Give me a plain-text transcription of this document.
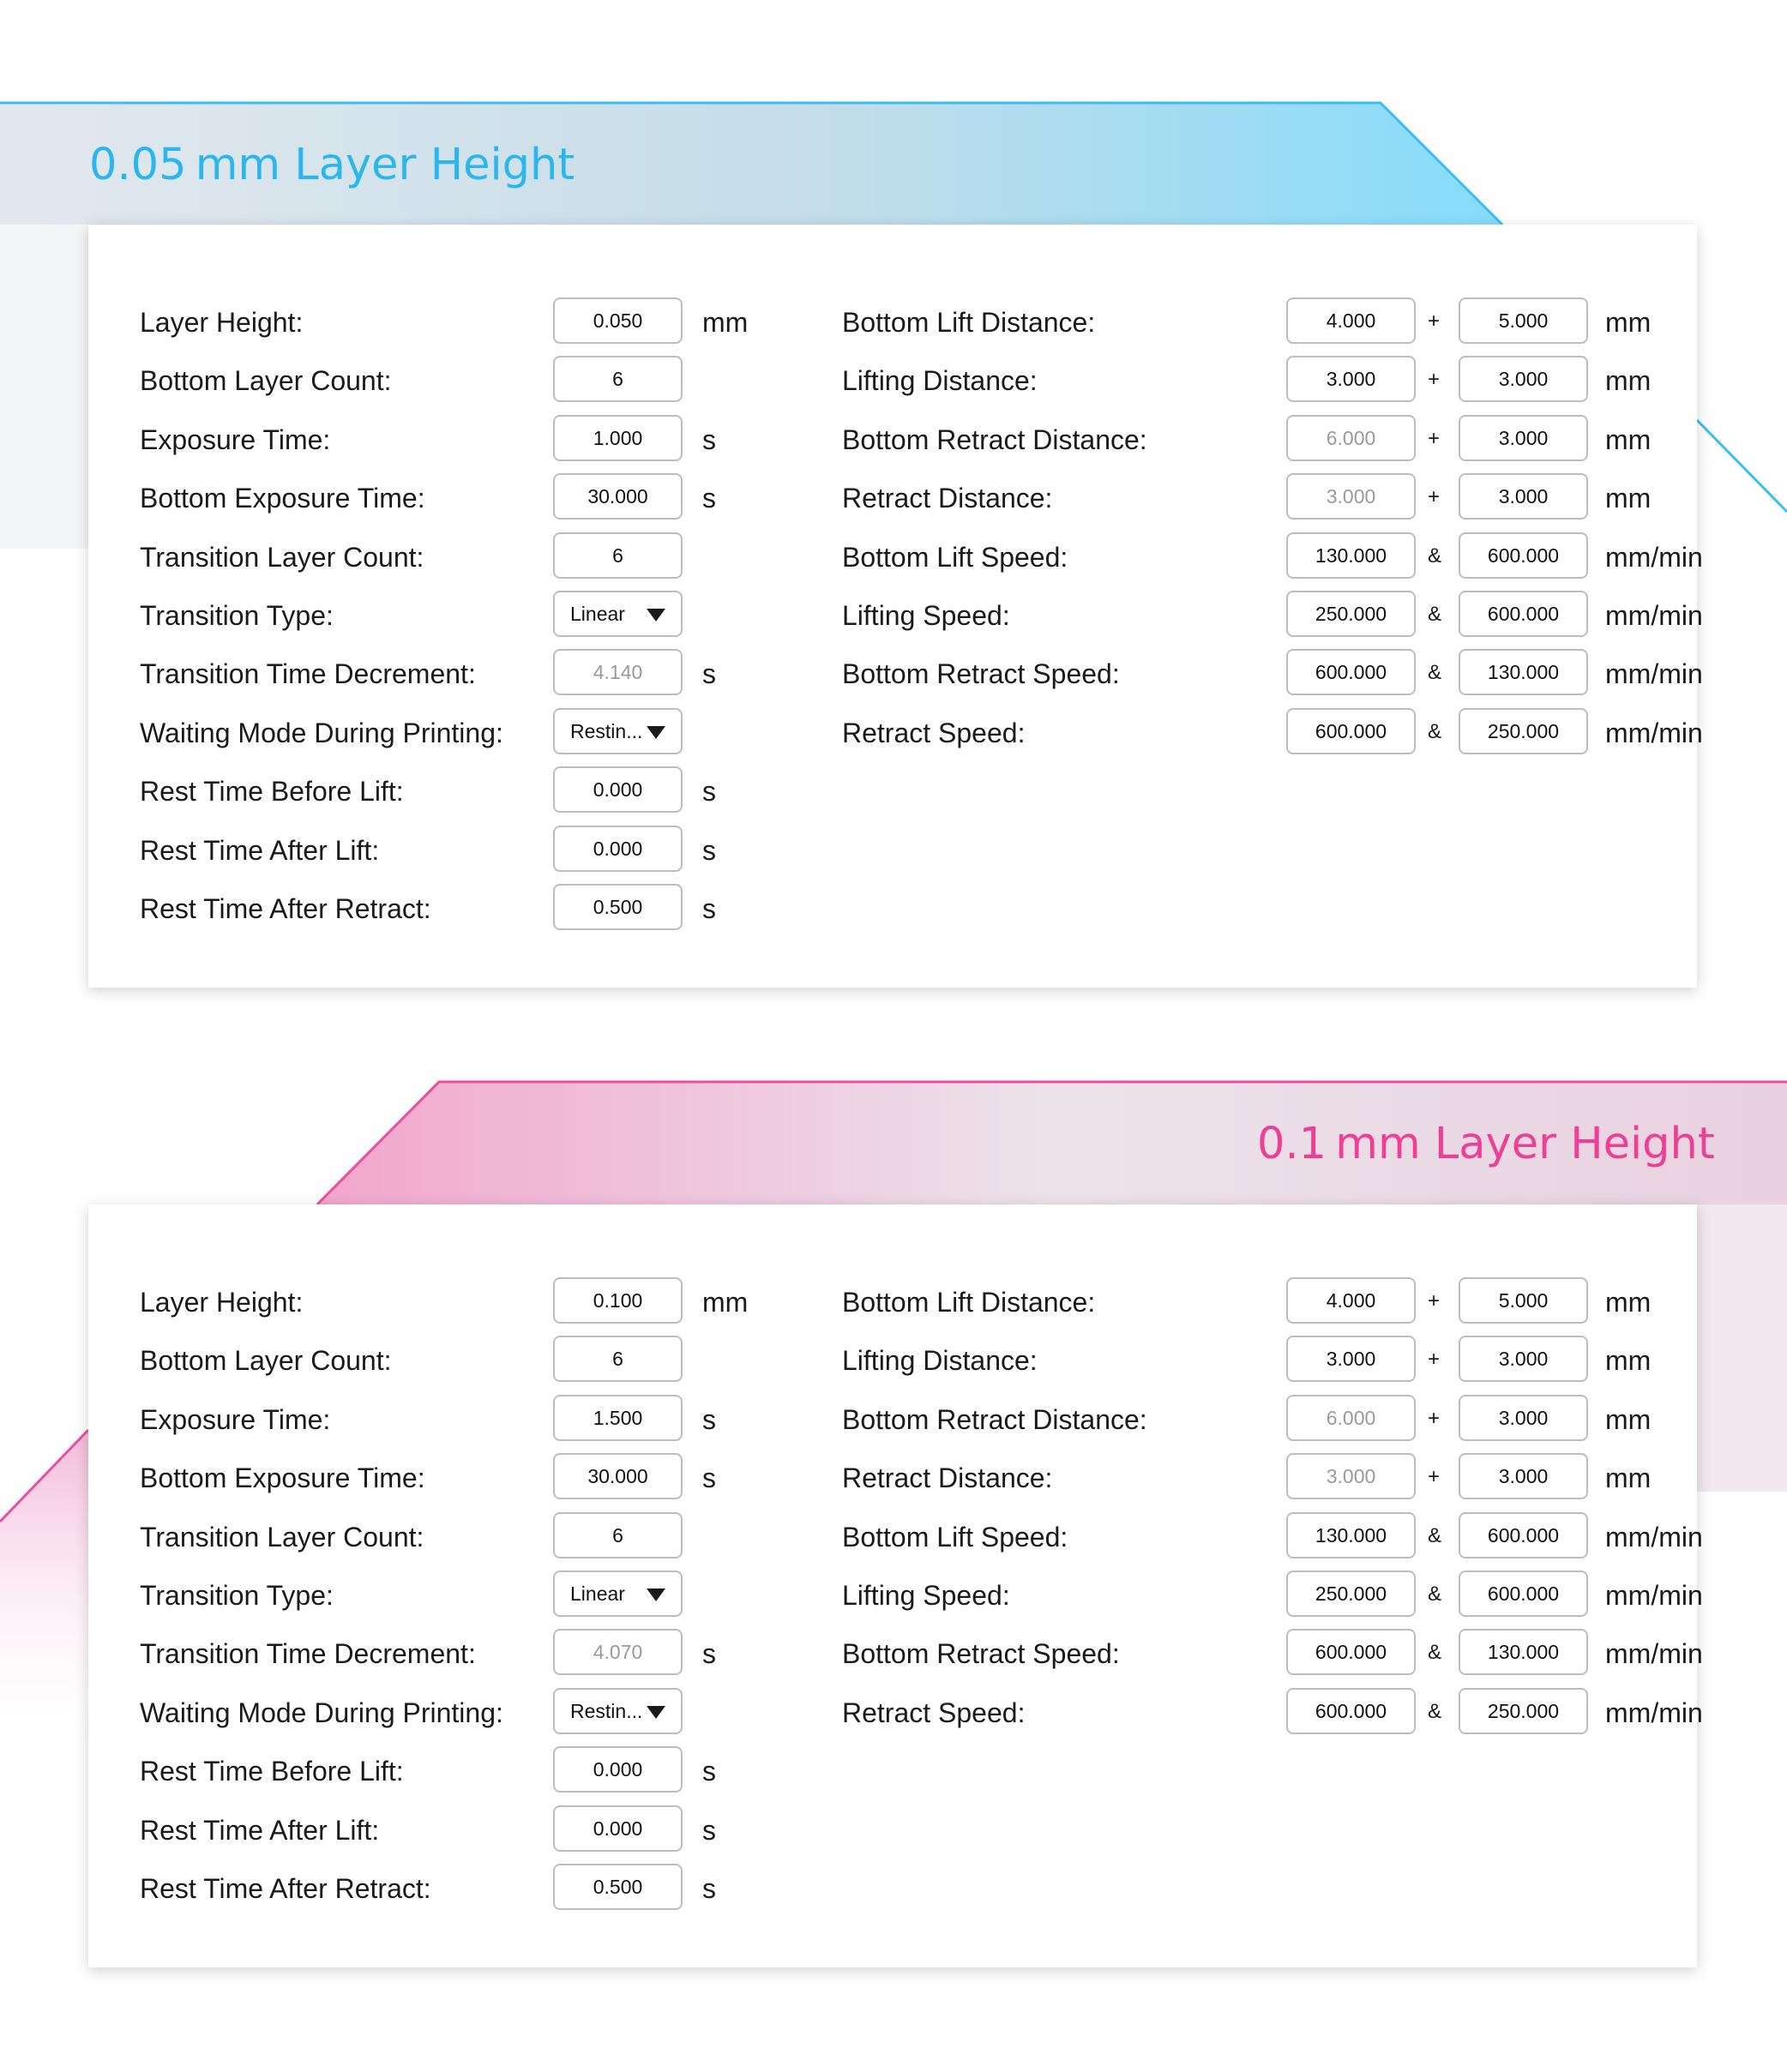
0.05 mm Layer Height
0.1 mm Layer Height
Layer Height:	0.050	mm
Bottom Layer Count:	6
Exposure Time:	1.000	s
Bottom Exposure Time:	30.000	s
Transition Layer Count:	6
Transition Type:	Linear
Transition Time Decrement:	4.140	s
Waiting Mode During Printing:	Restin...
Rest Time Before Lift:	0.000	s
Rest Time After Lift:	0.000	s
Rest Time After Retract:	0.500	s
Bottom Lift Distance:	4.000	+	5.000	mm
Lifting Distance:	3.000	+	3.000	mm
Bottom Retract Distance:	6.000	+	3.000	mm
Retract Distance:	3.000	+	3.000	mm
Bottom Lift Speed:	130.000	&	600.000	mm/min
Lifting Speed:	250.000	&	600.000	mm/min
Bottom Retract Speed:	600.000	&	130.000	mm/min
Retract Speed:	600.000	&	250.000	mm/min
Layer Height:	0.100	mm
Bottom Layer Count:	6
Exposure Time:	1.500	s
Bottom Exposure Time:	30.000	s
Transition Layer Count:	6
Transition Type:	Linear
Transition Time Decrement:	4.070	s
Waiting Mode During Printing:	Restin...
Rest Time Before Lift:	0.000	s
Rest Time After Lift:	0.000	s
Rest Time After Retract:	0.500	s
Bottom Lift Distance:	4.000	+	5.000	mm
Lifting Distance:	3.000	+	3.000	mm
Bottom Retract Distance:	6.000	+	3.000	mm
Retract Distance:	3.000	+	3.000	mm
Bottom Lift Speed:	130.000	&	600.000	mm/min
Lifting Speed:	250.000	&	600.000	mm/min
Bottom Retract Speed:	600.000	&	130.000	mm/min
Retract Speed:	600.000	&	250.000	mm/min
